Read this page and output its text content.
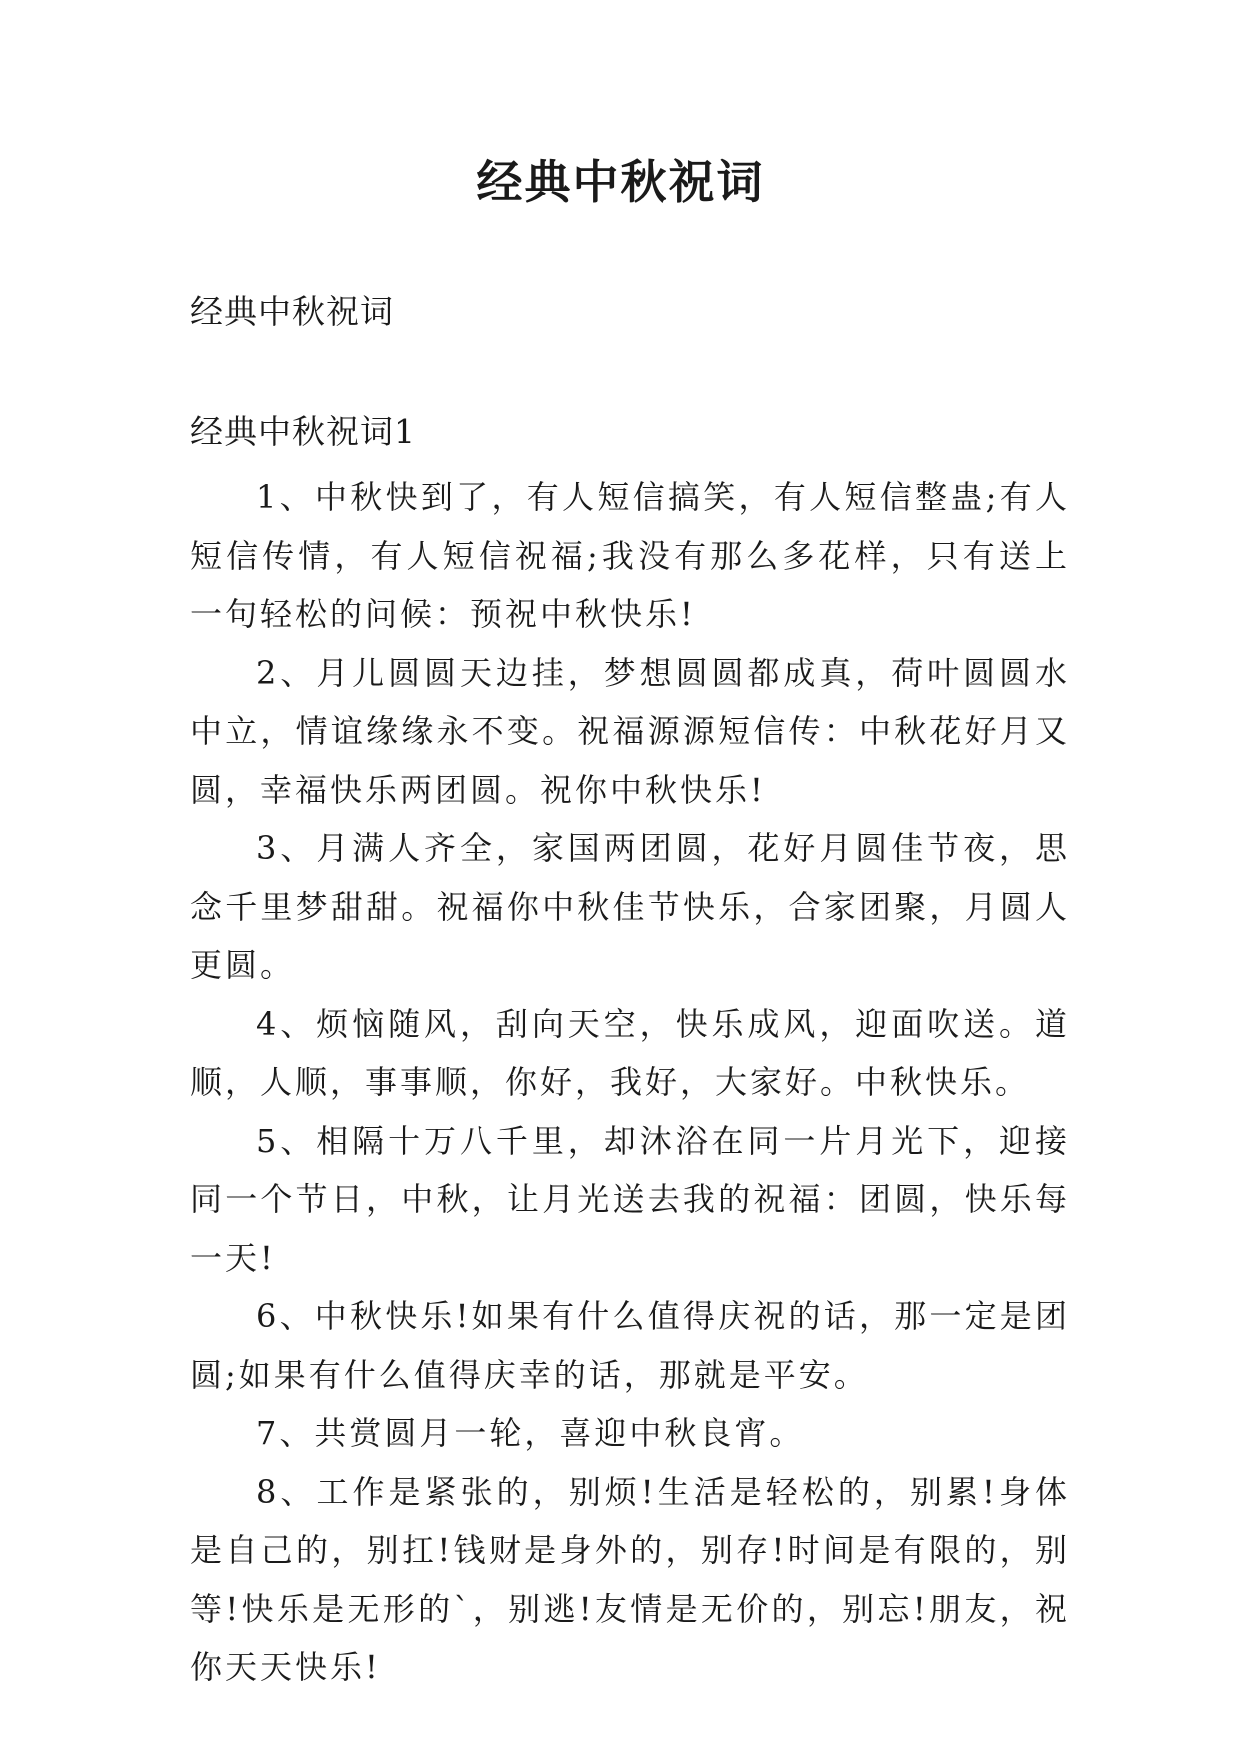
经典中秋祝词

经典中秋祝词

经典中秋祝词1

1、中秋快到了，有人短信搞笑，有人短信整蛊;有人短信传情，有人短信祝福;我没有那么多花样，只有送上一句轻松的问候：预祝中秋快乐!
2、月儿圆圆天边挂，梦想圆圆都成真，荷叶圆圆水中立，情谊缘缘永不变。祝福源源短信传：中秋花好月又圆，幸福快乐两团圆。祝你中秋快乐!
3、月满人齐全，家国两团圆，花好月圆佳节夜，思念千里梦甜甜。祝福你中秋佳节快乐，合家团聚，月圆人更圆。
4、烦恼随风，刮向天空，快乐成风，迎面吹送。道顺，人顺，事事顺，你好，我好，大家好。中秋快乐。
5、相隔十万八千里，却沐浴在同一片月光下，迎接同一个节日，中秋，让月光送去我的祝福：团圆，快乐每一天!
6、中秋快乐!如果有什么值得庆祝的话，那一定是团圆;如果有什么值得庆幸的话，那就是平安。
7、共赏圆月一轮，喜迎中秋良宵。
8、工作是紧张的，别烦!生活是轻松的，别累!身体是自己的，别扛!钱财是身外的，别存!时间是有限的，别等!快乐是无形的`，别逃!友情是无价的，别忘!朋友，祝你天天快乐!
